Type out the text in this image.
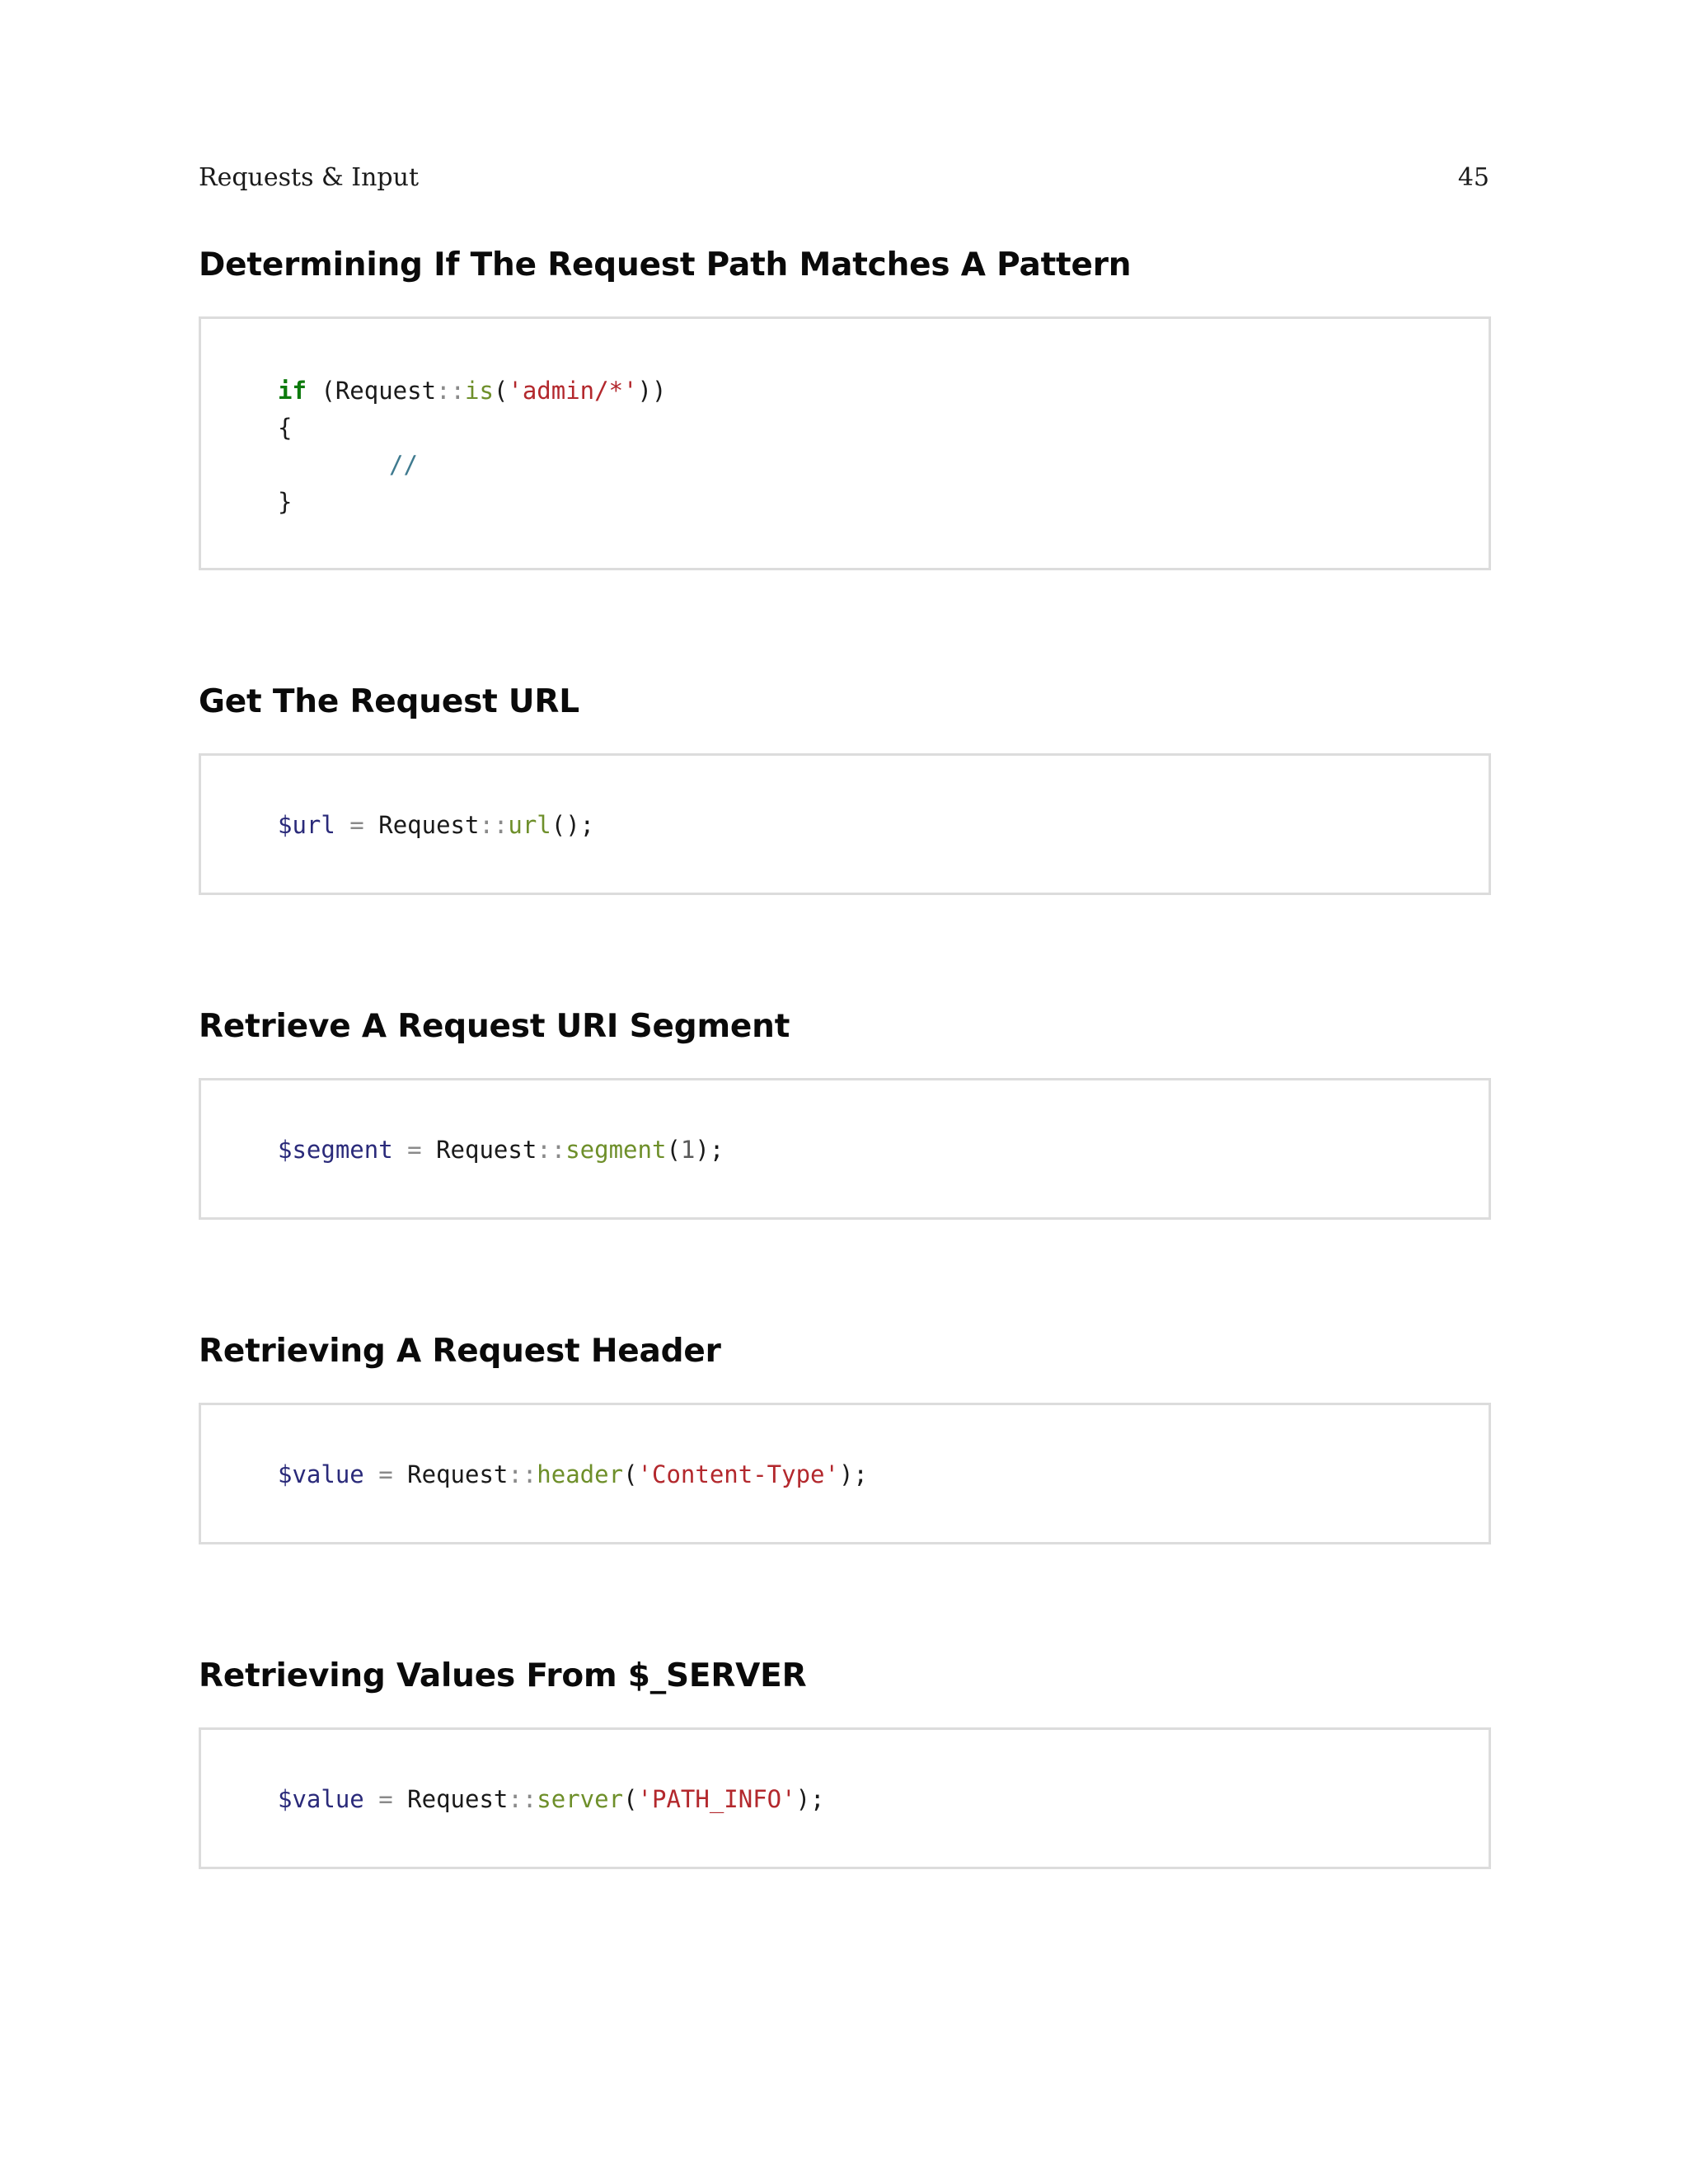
Requests & Input	45
Determining If The Request Path Matches A Pattern
if (Request::is('admin/*'))
{
//
}
Get The Request URL
$url = Request::url();
Retrieve A Request URI Segment
$segment = Request::segment(1);
Retrieving A Request Header
$value = Request::header('Content-Type');
Retrieving Values From $_SERVER
$value = Request::server('PATH_INFO');
